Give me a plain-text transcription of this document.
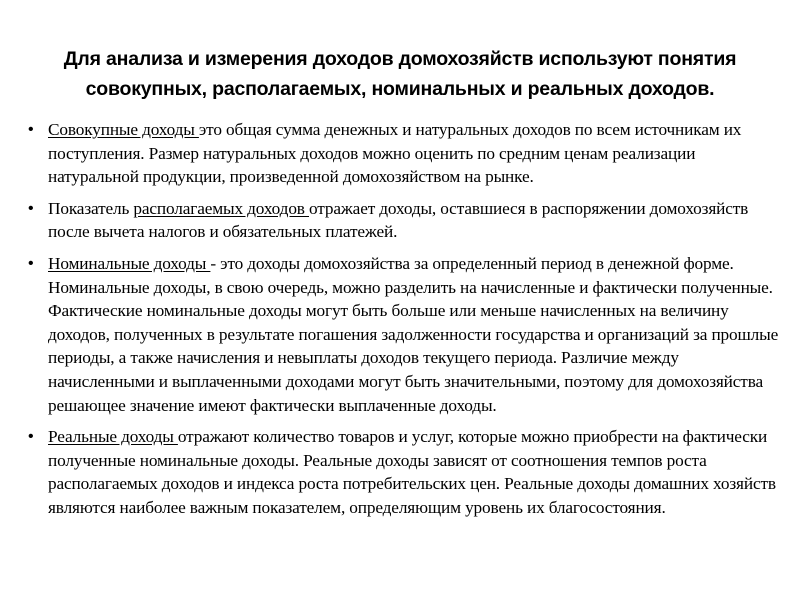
Для анализа и измерения доходов домохозяйств используют понятия совокупных, располагаемых, номинальных и реальных доходов.
• Совокупные доходы это общая сумма денежных и натуральных доходов по всем источникам их поступления. Размер натуральных доходов можно оценить по средним ценам реализации натуральной продукции, произведенной домохозяйством на рынке.
• Показатель располагаемых доходов отражает доходы, оставшиеся в распоряжении домохозяйств после вычета налогов и обязательных платежей.
• Номинальные доходы - это доходы домохозяйства за определенный период в денежной форме. Номинальные доходы, в свою очередь, можно разделить на начисленные и фактически полученные. Фактические номинальные доходы могут быть больше или меньше начисленных на величину доходов, полученных в результате погашения задолженности государства и организаций за прошлые периоды, а также начисления и невыплаты доходов текущего периода. Различие между начисленными и выплаченными доходами могут быть значительными, поэтому для домохозяйства решающее значение имеют фактически выплаченные доходы.
• Реальные доходы отражают количество товаров и услуг, которые можно приобрести на фактически полученные номинальные доходы. Реальные доходы зависят от соотношения темпов роста располагаемых доходов и индекса роста потребительских цен. Реальные доходы домашних хозяйств являются наиболее важным показателем, определяющим уровень их благосостояния.
